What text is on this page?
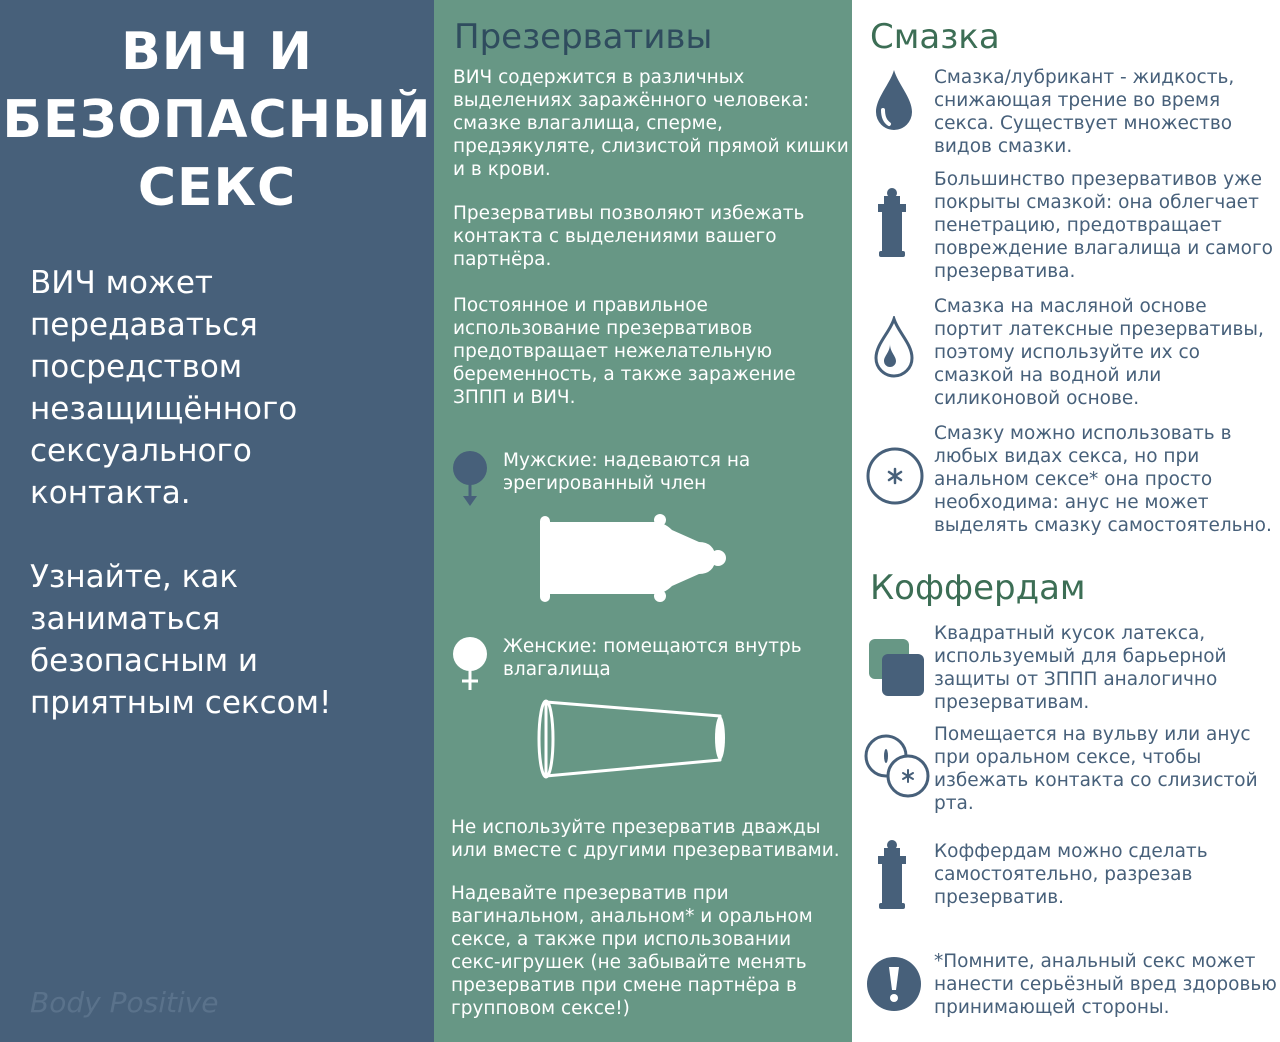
ВИЧ И
БЕЗОПАСНЫЙ
СЕКС
ВИЧ может
передаваться
посредством
незащищённого
сексуального
контакта.
Узнайте, как
заниматься
безопасным и
приятным сексом!
Body Positive
Презервативы
ВИЧ содержится в различных
выделениях заражённого человека:
смазке влагалища, сперме,
предэякуляте, слизистой прямой кишки
и в крови.
Презервативы позволяют избежать
контакта с выделениями вашего
партнёра.
Постоянное и правильное
использование презервативов
предотвращает нежелательную
беременность, а также заражение
ЗППП и ВИЧ.
Мужские: надеваются на
эрегированный член
Женские: помещаются внутрь
влагалища
Не используйте презерватив дважды
или вместе с другими презервативами.
Надевайте презерватив при
вагинальном, анальном* и оральном
сексе, а также при использовании
секс-игрушек (не забывайте менять
презерватив при смене партнёра в
групповом сексе!)
Смазка
Смазка/лубрикант - жидкость,
снижающая трение во время
секса. Существует множество
видов смазки.
Большинство презервативов уже
покрыты смазкой: она облегчает
пенетрацию, предотвращает
повреждение влагалища и самого
презерватива.
Смазка на масляной основе
портит латексные презервативы,
поэтому используйте их со
смазкой на водной или
силиконовой основе.
Смазку можно использовать в
любых видах секса, но при
анальном сексе* она просто
необходима: анус не может
выделять смазку самостоятельно.
Коффердам
Квадратный кусок латекса,
используемый для барьерной
защиты от ЗППП аналогично
презервативам.
Помещается на вульву или анус
при оральном сексе, чтобы
избежать контакта со слизистой
рта.
Коффердам можно сделать
самостоятельно, разрезав
презерватив.
*Помните, анальный секс может
нанести серьёзный вред здоровью
принимающей стороны.
